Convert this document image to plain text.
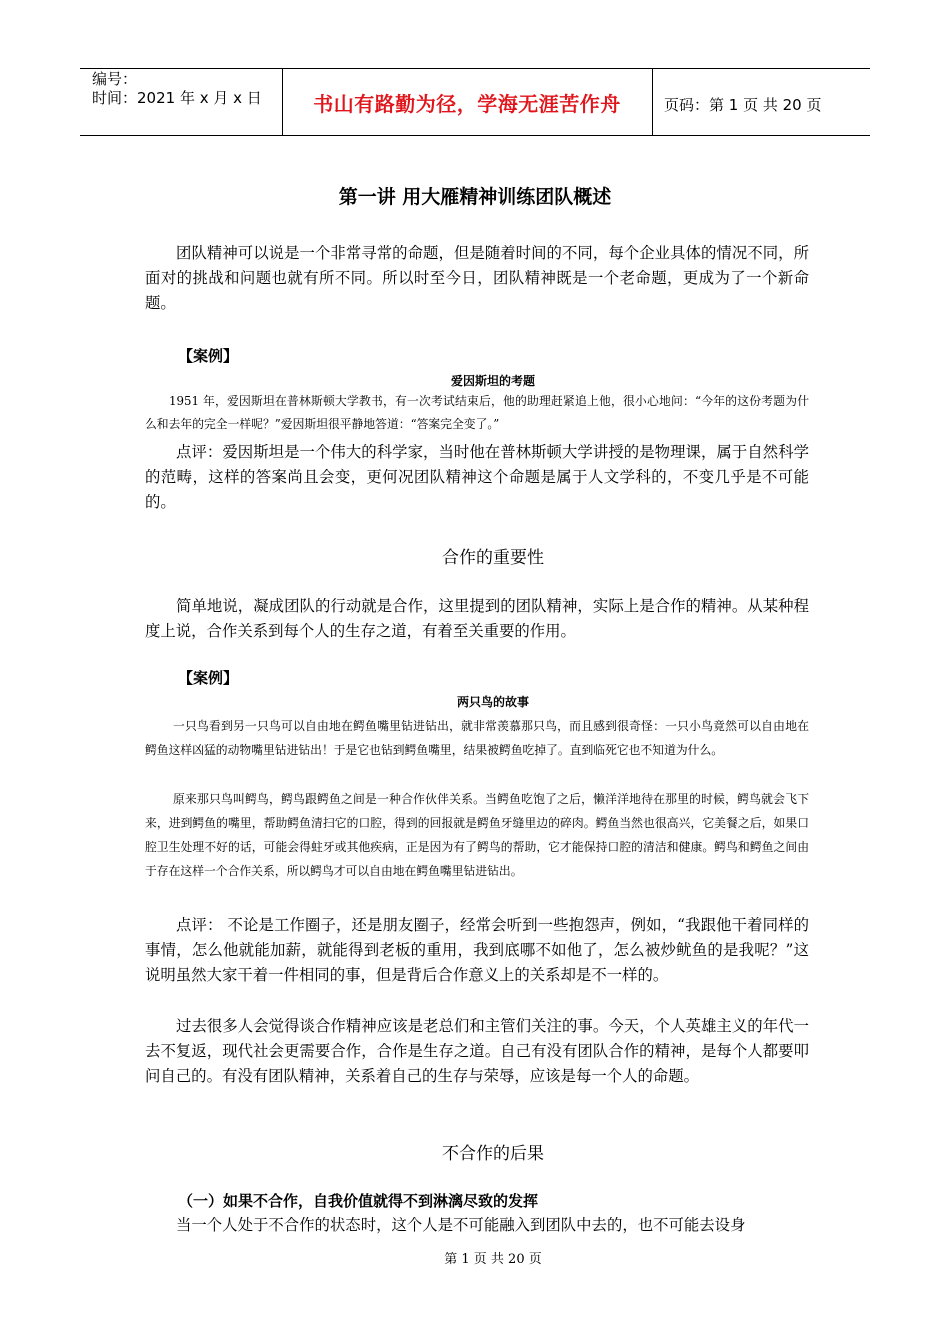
编号：
时间：2021 年 x 月 x 日	书山有路勤为径，学海无涯苦作舟	页码：第 1 页 共 20 页
第一讲 用大雁精神训练团队概述
团队精神可以说是一个非常寻常的命题，但是随着时间的不同，每个企业具体的情况不同，所面对的挑战和问题也就有所不同。所以时至今日，团队精神既是一个老命题，更成为了一个新命题。
【案例】
爱因斯坦的考题
1951 年，爱因斯坦在普林斯顿大学教书，有一次考试结束后，他的助理赶紧追上他，很小心地问：“今年的这份考题为什么和去年的完全一样呢？”爱因斯坦很平静地答道：“答案完全变了。”
点评：爱因斯坦是一个伟大的科学家，当时他在普林斯顿大学讲授的是物理课，属于自然科学的范畴，这样的答案尚且会变，更何况团队精神这个命题是属于人文学科的，不变几乎是不可能的。
合作的重要性
简单地说，凝成团队的行动就是合作，这里提到的团队精神，实际上是合作的精神。从某种程度上说，合作关系到每个人的生存之道，有着至关重要的作用。
【案例】
两只鸟的故事
一只鸟看到另一只鸟可以自由地在鳄鱼嘴里钻进钻出，就非常羡慕那只鸟，而且感到很奇怪：一只小鸟竟然可以自由地在鳄鱼这样凶猛的动物嘴里钻进钻出！于是它也钻到鳄鱼嘴里，结果被鳄鱼吃掉了。直到临死它也不知道为什么。
原来那只鸟叫鳄鸟，鳄鸟跟鳄鱼之间是一种合作伙伴关系。当鳄鱼吃饱了之后，懒洋洋地待在那里的时候，鳄鸟就会飞下来，进到鳄鱼的嘴里，帮助鳄鱼清扫它的口腔，得到的回报就是鳄鱼牙缝里边的碎肉。鳄鱼当然也很高兴，它美餐之后，如果口腔卫生处理不好的话，可能会得蛀牙或其他疾病，正是因为有了鳄鸟的帮助，它才能保持口腔的清洁和健康。鳄鸟和鳄鱼之间由于存在这样一个合作关系，所以鳄鸟才可以自由地在鳄鱼嘴里钻进钻出。
点评： 不论是工作圈子，还是朋友圈子，经常会听到一些抱怨声，例如，“我跟他干着同样的事情，怎么他就能加薪，就能得到老板的重用，我到底哪不如他了，怎么被炒鱿鱼的是我呢？”这说明虽然大家干着一件相同的事，但是背后合作意义上的关系却是不一样的。
过去很多人会觉得谈合作精神应该是老总们和主管们关注的事。今天，个人英雄主义的年代一去不复返，现代社会更需要合作，合作是生存之道。自己有没有团队合作的精神，是每个人都要叩问自己的。有没有团队精神，关系着自己的生存与荣辱，应该是每一个人的命题。
不合作的后果
（一）如果不合作，自我价值就得不到淋漓尽致的发挥
当一个人处于不合作的状态时，这个人是不可能融入到团队中去的，也不可能去设身
第 1 页 共 20 页
